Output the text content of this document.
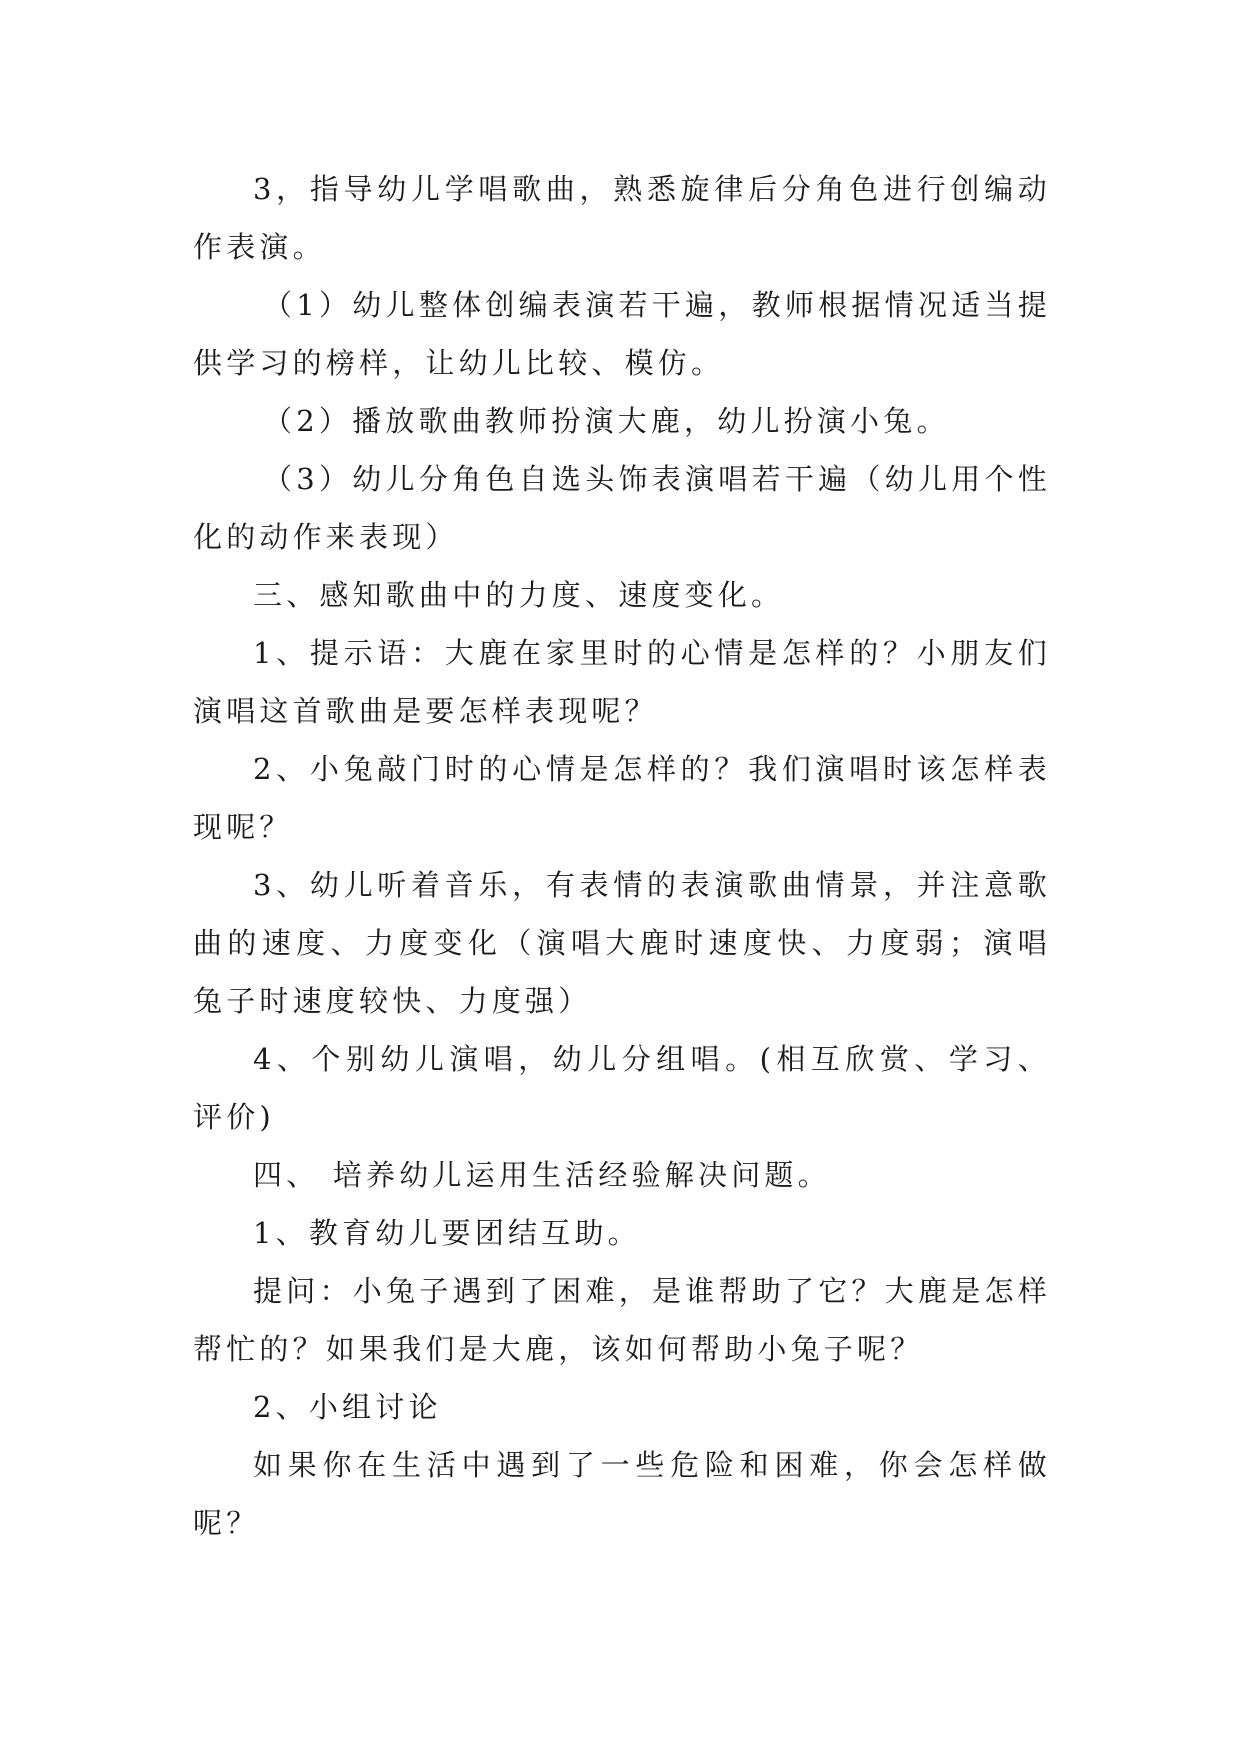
3，指导幼儿学唱歌曲，熟悉旋律后分角色进行创编动作表演。

（1）幼儿整体创编表演若干遍，教师根据情况适当提供学习的榜样，让幼儿比较、模仿。

（2）播放歌曲教师扮演大鹿，幼儿扮演小兔。

（3）幼儿分角色自选头饰表演唱若干遍（幼儿用个性化的动作来表现）

三、感知歌曲中的力度、速度变化。

1、提示语：大鹿在家里时的心情是怎样的？小朋友们演唱这首歌曲是要怎样表现呢？

2、小兔敲门时的心情是怎样的？我们演唱时该怎样表现呢？

3、幼儿听着音乐，有表情的表演歌曲情景，并注意歌曲的速度、力度变化（演唱大鹿时速度快、力度弱；演唱兔子时速度较快、力度强）

4、个别幼儿演唱，幼儿分组唱。(相互欣赏、学习、评价)

四、 培养幼儿运用生活经验解决问题。

1、教育幼儿要团结互助。

提问：小兔子遇到了困难，是谁帮助了它？大鹿是怎样帮忙的？如果我们是大鹿，该如何帮助小兔子呢？

2、小组讨论

如果你在生活中遇到了一些危险和困难，你会怎样做呢？
